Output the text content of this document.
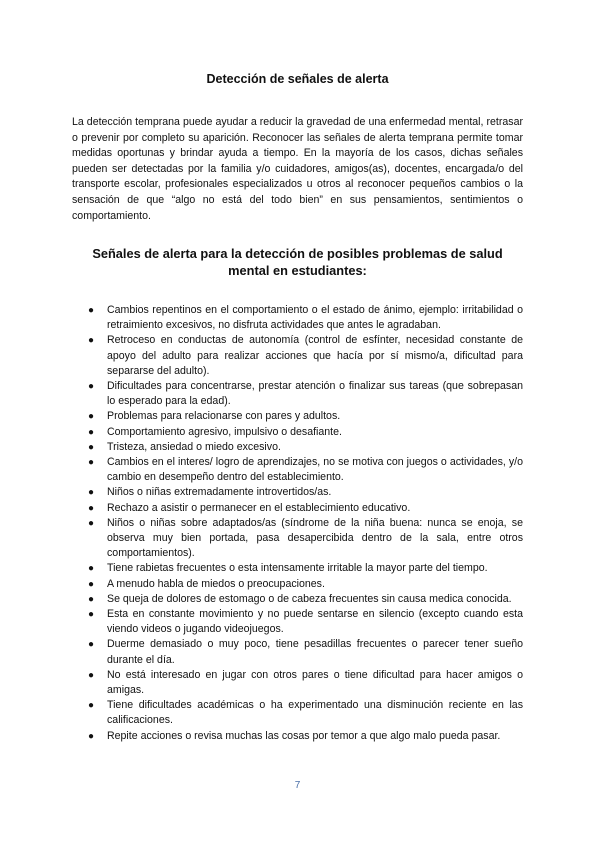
Detección de señales de alerta

La detección temprana puede ayudar a reducir la gravedad de una enfermedad mental, retrasar o prevenir por completo su aparición. Reconocer las señales de alerta temprana permite tomar medidas oportunas y brindar ayuda a tiempo. En la mayoría de los casos, dichas señales pueden ser detectadas por la familia y/o cuidadores, amigos(as), docentes, encargada/o del transporte escolar, profesionales especializados u otros al reconocer pequeños cambios o la sensación de que “algo no está del todo bien” en sus pensamientos, sentimientos o comportamiento.

Señales de alerta para la detección de posibles problemas de salud mental en estudiantes:
● Cambios repentinos en el comportamiento o el estado de ánimo, ejemplo: irritabilidad o retraimiento excesivos, no disfruta actividades que antes le agradaban.
● Retroceso en conductas de autonomía (control de esfínter, necesidad constante de apoyo del adulto para realizar acciones que hacía por sí mismo/a, dificultad para separarse del adulto).
● Dificultades para concentrarse, prestar atención o finalizar sus tareas (que sobrepasan lo esperado para la edad).
● Problemas para relacionarse con pares y adultos.
● Comportamiento agresivo, impulsivo o desafiante.
● Tristeza, ansiedad o miedo excesivo.
● Cambios en el interes/ logro de aprendizajes, no se motiva con juegos o actividades, y/o cambio en desempeño dentro del establecimiento.
● Niños o niñas extremadamente introvertidos/as.
● Rechazo a asistir o permanecer en el establecimiento educativo.
● Niños o niñas sobre adaptados/as (síndrome de la niña buena: nunca se enoja, se observa muy bien portada, pasa desapercibida dentro de la sala, entre otros comportamientos).
● Tiene rabietas frecuentes o esta intensamente irritable la mayor parte del tiempo.
● A menudo habla de miedos o preocupaciones.
● Se queja de dolores de estomago o de cabeza frecuentes sin causa medica conocida.
● Esta en constante movimiento y no puede sentarse en silencio (excepto cuando esta viendo videos o jugando videojuegos.
● Duerme demasiado o muy poco, tiene pesadillas frecuentes o parecer tener sueño durante el día.
● No está interesado en jugar con otros pares o tiene dificultad para hacer amigos o amigas.
● Tiene dificultades académicas o ha experimentado una disminución reciente en las calificaciones.
● Repite acciones o revisa muchas las cosas por temor a que algo malo pueda pasar.
7
